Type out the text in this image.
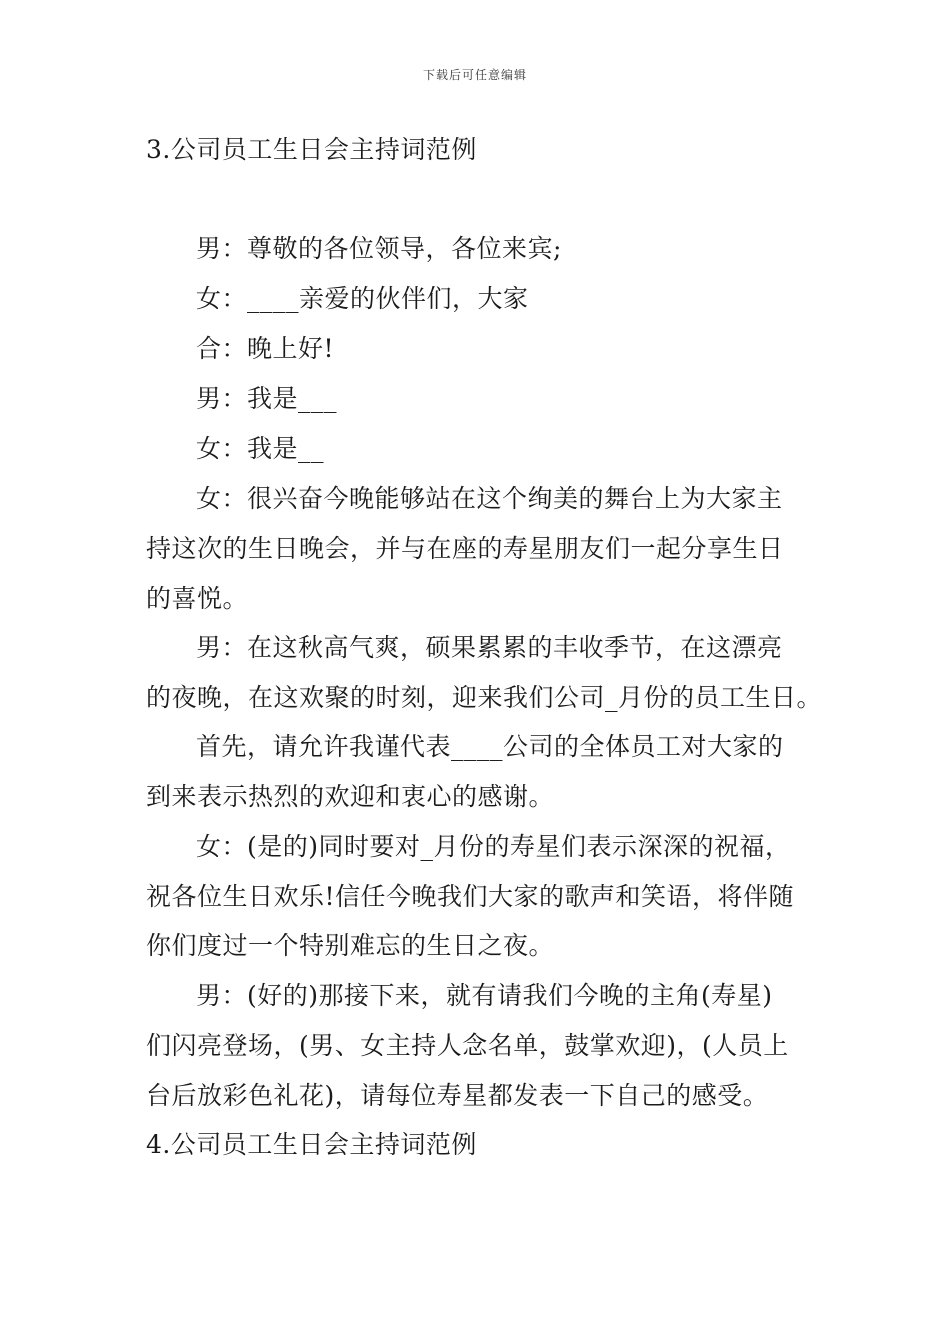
下载后可任意编辑
3.公司员工生日会主持词范例
男：尊敬的各位领导，各位来宾;
女：____亲爱的伙伴们，大家
合：晚上好!
男：我是___
女：我是__
女：很兴奋今晚能够站在这个绚美的舞台上为大家主
持这次的生日晚会，并与在座的寿星朋友们一起分享生日
的喜悦。
男：在这秋高气爽，硕果累累的丰收季节，在这漂亮
的夜晚，在这欢聚的时刻，迎来我们公司_月份的员工生日。
首先，请允许我谨代表____公司的全体员工对大家的
到来表示热烈的欢迎和衷心的感谢。
女：(是的)同时要对_月份的寿星们表示深深的祝福，
祝各位生日欢乐!信任今晚我们大家的歌声和笑语，将伴随
你们度过一个特别难忘的生日之夜。
男：(好的)那接下来，就有请我们今晚的主角(寿星)
们闪亮登场，(男、女主持人念名单，鼓掌欢迎)，(人员上
台后放彩色礼花)，请每位寿星都发表一下自己的感受。
4.公司员工生日会主持词范例
